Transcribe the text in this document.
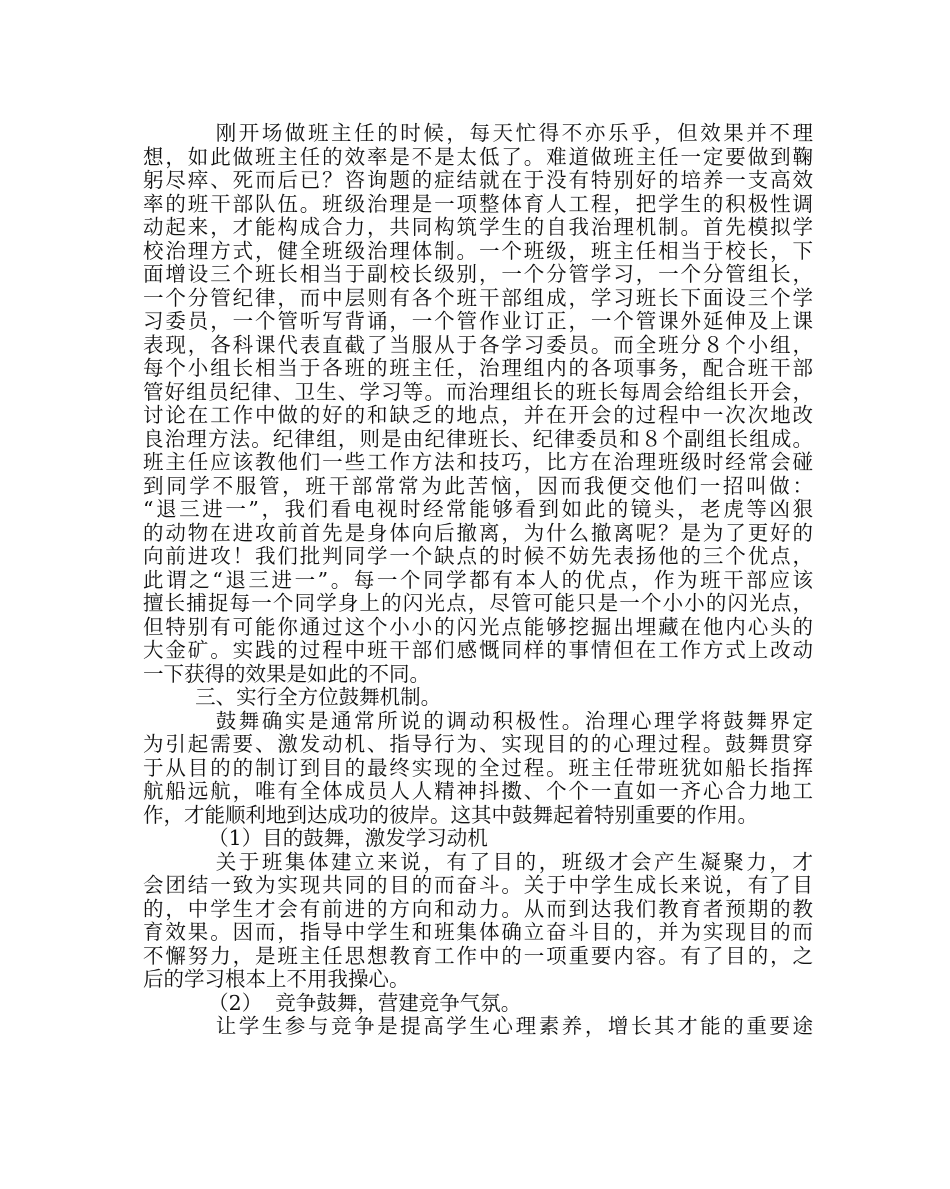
刚开场做班主任的时候，每天忙得不亦乐乎，但效果并不理
想，如此做班主任的效率是不是太低了。难道做班主任一定要做到鞠
躬尽瘁、死而后已？咨询题的症结就在于没有特别好的培养一支高效
率的班干部队伍。班级治理是一项整体育人工程，把学生的积极性调
动起来，才能构成合力，共同构筑学生的自我治理机制。首先模拟学
校治理方式，健全班级治理体制。一个班级，班主任相当于校长，下
面增设三个班长相当于副校长级别，一个分管学习，一个分管组长，
一个分管纪律，而中层则有各个班干部组成，学习班长下面设三个学
习委员，一个管听写背诵，一个管作业订正，一个管课外延伸及上课
表现，各科课代表直截了当服从于各学习委员。而全班分８个小组，
每个小组长相当于各班的班主任，治理组内的各项事务，配合班干部
管好组员纪律、卫生、学习等。而治理组长的班长每周会给组长开会，
讨论在工作中做的好的和缺乏的地点，并在开会的过程中一次次地改
良治理方法。纪律组，则是由纪律班长、纪律委员和８个副组长组成。
班主任应该教他们一些工作方法和技巧，比方在治理班级时经常会碰
到同学不服管，班干部常常为此苦恼，因而我便交他们一招叫做：
“退三进一”，我们看电视时经常能够看到如此的镜头，老虎等凶狠
的动物在进攻前首先是身体向后撤离，为什么撤离呢？是为了更好的
向前进攻！我们批判同学一个缺点的时候不妨先表扬他的三个优点，
此谓之“退三进一”。每一个同学都有本人的优点，作为班干部应该
擅长捕捉每一个同学身上的闪光点，尽管可能只是一个小小的闪光点，
但特别有可能你通过这个小小的闪光点能够挖掘出埋藏在他内心头的
大金矿。实践的过程中班干部们感慨同样的事情但在工作方式上改动
一下获得的效果是如此的不同。
三、实行全方位鼓舞机制。
鼓舞确实是通常所说的调动积极性。治理心理学将鼓舞界定
为引起需要、激发动机、指导行为、实现目的的心理过程。鼓舞贯穿
于从目的的制订到目的最终实现的全过程。班主任带班犹如船长指挥
航船远航，唯有全体成员人人精神抖擞、个个一直如一齐心合力地工
作，才能顺利地到达成功的彼岸。这其中鼓舞起着特别重要的作用。
（1）目的鼓舞，激发学习动机
关于班集体建立来说，有了目的，班级才会产生凝聚力，才
会团结一致为实现共同的目的而奋斗。关于中学生成长来说，有了目
的，中学生才会有前进的方向和动力。从而到达我们教育者预期的教
育效果。因而，指导中学生和班集体确立奋斗目的，并为实现目的而
不懈努力，是班主任思想教育工作中的一项重要内容。有了目的，之
后的学习根本上不用我操心。
（2）  竞争鼓舞，营建竞争气氛。
让学生参与竞争是提高学生心理素养，增长其才能的重要途
